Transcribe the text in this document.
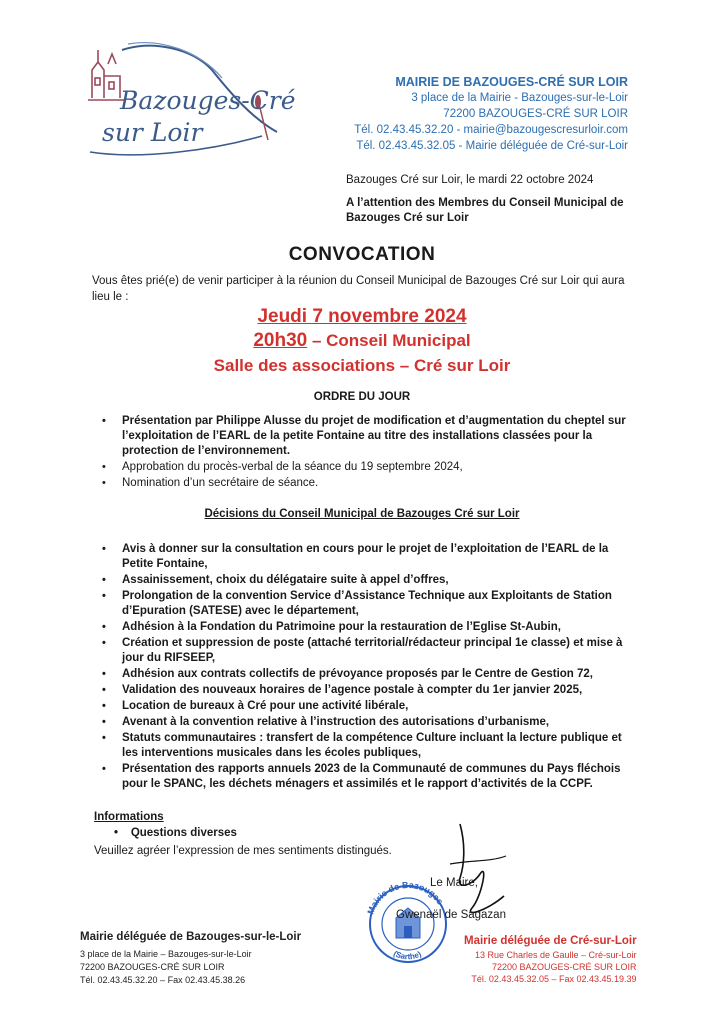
Bazouges-Cré
sur Loir
MAIRIE DE BAZOUGES-CRÉ SUR LOIR
3 place de la Mairie - Bazouges-sur-le-Loir
72200 BAZOUGES-CRÉ SUR LOIR
Tél. 02.43.45.32.20 - mairie@bazougescresurloir.com
Tél. 02.43.45.32.05 - Mairie déléguée de Cré-sur-Loir
Bazouges Cré sur Loir, le mardi 22 octobre 2024
A l’attention des Membres du Conseil Municipal de Bazouges Cré sur Loir
CONVOCATION
Vous êtes prié(e) de venir participer à la réunion du Conseil Municipal de Bazouges Cré sur Loir qui aura lieu le :
Jeudi 7 novembre 2024
20h30 – Conseil Municipal
Salle des associations – Cré sur Loir
ORDRE DU JOUR
• Présentation par Philippe Alusse du projet de modification et d’augmentation du cheptel sur l’exploitation de l’EARL de la petite Fontaine au titre des installations classées pour la protection de l’environnement.
• Approbation du procès-verbal de la séance du 19 septembre 2024,
• Nomination d’un secrétaire de séance.
Décisions du Conseil Municipal de Bazouges Cré sur Loir
• Avis à donner sur la consultation en cours pour le projet de l’exploitation de l’EARL de la Petite Fontaine,
• Assainissement, choix du délégataire suite à appel d’offres,
• Prolongation de la convention Service d’Assistance Technique aux Exploitants de Station d’Epuration (SATESE) avec le département,
• Adhésion à la Fondation du Patrimoine pour la restauration de l’Eglise St-Aubin,
• Création et suppression de poste (attaché territorial/rédacteur principal 1e classe) et mise à jour du RIFSEEP,
• Adhésion aux contrats collectifs de prévoyance proposés par le Centre de Gestion 72,
• Validation des nouveaux horaires de l’agence postale à compter du 1er janvier 2025,
• Location de bureaux à Cré pour une activité libérale,
• Avenant à la convention relative à l’instruction des autorisations d’urbanisme,
• Statuts communautaires : transfert de la compétence Culture incluant la lecture publique et les interventions musicales dans les écoles publiques,
• Présentation des rapports annuels 2023 de la Communauté de communes du Pays fléchois pour le SPANC, les déchets ménagers et assimilés et le rapport d’activités de la CCPF.
Informations
•    Questions diverses
Veuillez agréer l’expression de mes sentiments distingués.
Mairie de Bazouges
(Sarthe)
Le Maire,
Gwenaël de Sagazan
Mairie déléguée de Bazouges-sur-le-Loir
3 place de la Mairie – Bazouges-sur-le-Loir
72200 BAZOUGES-CRÉ SUR LOIR
Tél. 02.43.45.32.20 – Fax 02.43.45.38.26
Mairie déléguée de Cré-sur-Loir
13 Rue Charles de Gaulle – Cré-sur-Loir
72200 BAZOUGES-CRÉ SUR LOIR
Tél. 02.43.45.32.05 – Fax 02.43.45.19.39
